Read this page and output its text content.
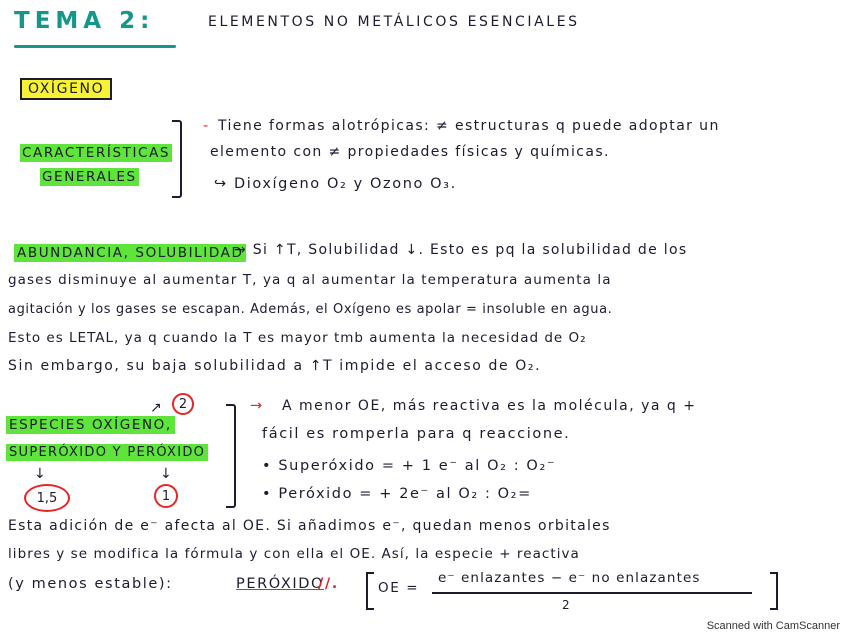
TEMA 2:	ELEMENTOS NO METÁLICOS ESENCIALES
OXÍGENO
CARACTERÍSTICAS
GENERALES
- Tiene formas alotrópicas: ≠ estructuras q puede adoptar un
elemento con ≠ propiedades físicas y químicas.
↪ Dioxígeno O₂ y Ozono O₃.
ABUNDANCIA, SOLUBILIDAD
→ Si ↑T, Solubilidad ↓. Esto es pq la solubilidad de los
gases disminuye al aumentar T, ya q al aumentar la temperatura aumenta la
agitación y los gases se escapan. Además, el Oxígeno es apolar = insoluble en agua.
Esto es LETAL, ya q cuando la T es mayor tmb aumenta la necesidad de O₂
Sin embargo, su baja solubilidad a ↑T impide el acceso de O₂.
2
↗
ESPECIES OXÍGENO,
SUPERÓXIDO Y PERÓXIDO
↓	↓
1,5	1
→ A menor OE, más reactiva es la molécula, ya q +
fácil es romperla para q reaccione.
• Superóxido = + 1 e⁻ al O₂ : O₂⁻
• Peróxido = + 2e⁻ al O₂ : O₂=
Esta adición de e⁻ afecta al OE. Si añadimos e⁻, quedan menos orbitales
libres y se modifica la fórmula y con ella el OE. Así, la especie + reactiva
(y menos estable):	PERÓXIDO
//.	OE =
e⁻ enlazantes − e⁻ no enlazantes
2
Scanned with CamScanner
